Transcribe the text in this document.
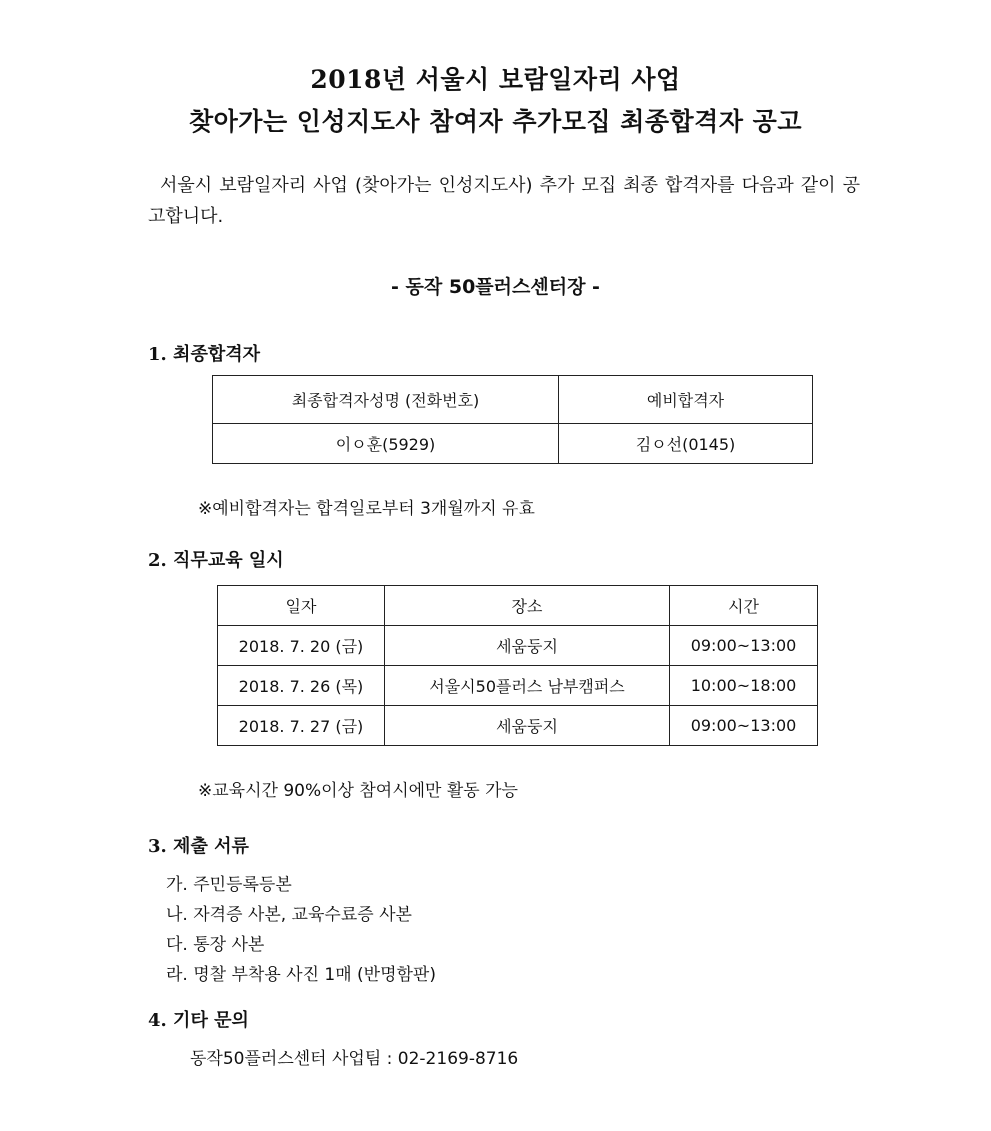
2018년 서울시 보람일자리 사업
찾아가는 인성지도사 참여자 추가모집 최종합격자 공고
서울시 보람일자리 사업 (찾아가는 인성지도사) 추가 모집 최종 합격자를 다음과 같이 공고합니다.
- 동작 50플러스센터장 -
1. 최종합격자
최종합격자성명 (전화번호)	예비합격자
이ㅇ훈(5929)	김ㅇ선(0145)
※예비합격자는 합격일로부터 3개월까지 유효
2. 직무교육 일시
일자	장소	시간
2018. 7. 20 (금)	세움둥지	09:00~13:00
2018. 7. 26 (목)	서울시50플러스 남부캠퍼스	10:00~18:00
2018. 7. 27 (금)	세움둥지	09:00~13:00
※교육시간 90%이상 참여시에만 활동 가능
3. 제출 서류
가. 주민등록등본
나. 자격증 사본, 교육수료증 사본
다. 통장 사본
라. 명찰 부착용 사진 1매 (반명함판)
4. 기타 문의
동작50플러스센터 사업팀 : 02-2169-8716
